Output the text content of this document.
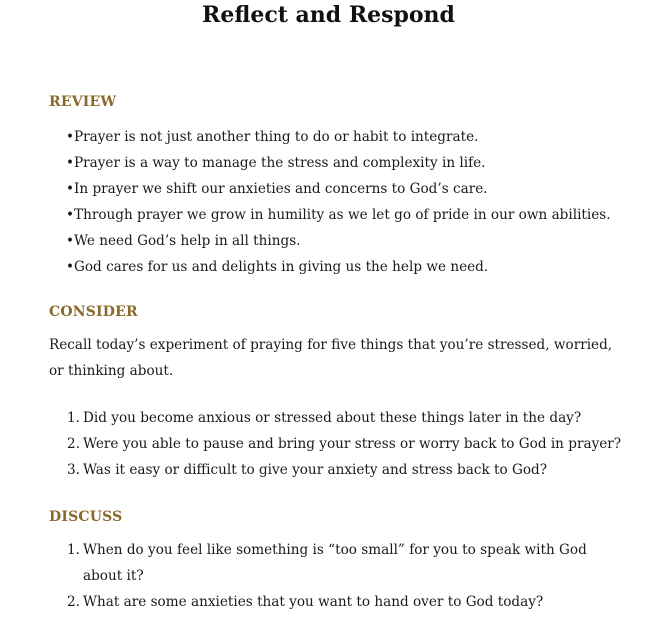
Reflect and Respond
REVIEW
•Prayer is not just another thing to do or habit to integrate.
•Prayer is a way to manage the stress and complexity in life.
•In prayer we shift our anxieties and concerns to God’s care.
•Through prayer we grow in humility as we let go of pride in our own abilities.
•We need God’s help in all things.
•God cares for us and delights in giving us the help we need.
CONSIDER

Recall today’s experiment of praying for five things that you’re stressed, worried, or thinking about.

1. Did you become anxious or stressed about these things later in the day?
2. Were you able to pause and bring your stress or worry back to God in prayer?
3. Was it easy or difficult to give your anxiety and stress back to God?
DISCUSS
1. When do you feel like something is “too small” for you to speak with God about it?
2. What are some anxieties that you want to hand over to God today?
